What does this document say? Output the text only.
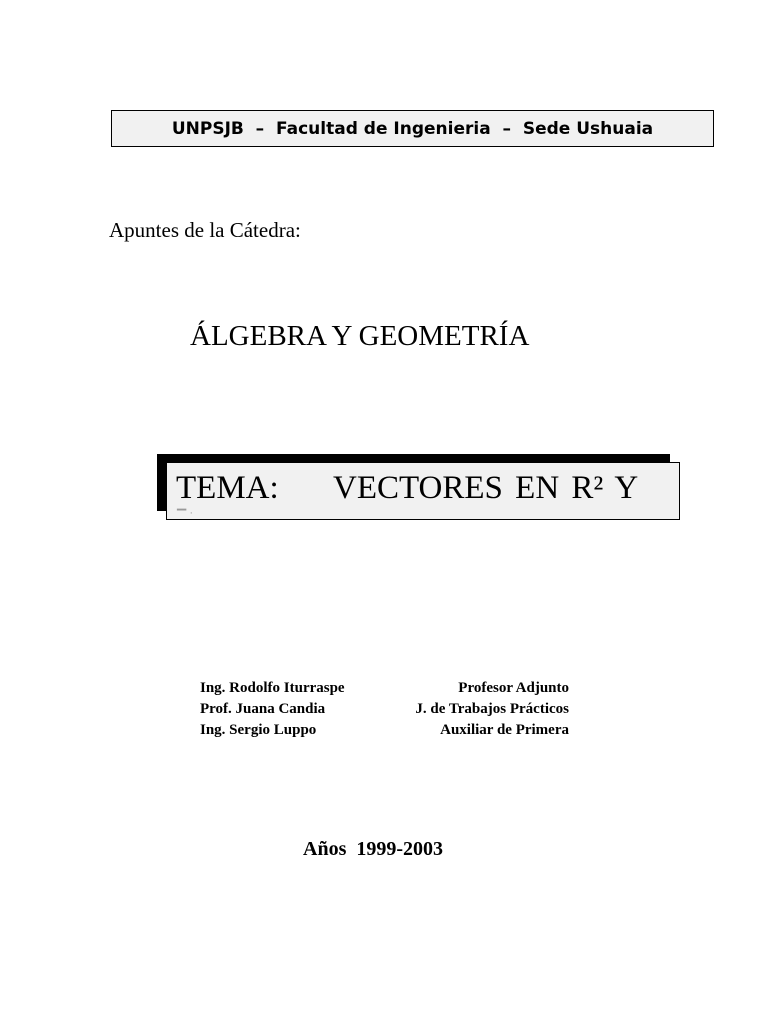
UNPSJB  –  Facultad de Ingenieria  –  Sede Ushuaia
Apuntes de la Cátedra:
ÁLGEBRA Y GEOMETRÍA
TEMA: VECTORES EN R² Y
▔ ˙
Ing. Rodolfo Iturraspe	Profesor Adjunto
Prof. Juana Candia	J. de Trabajos Prácticos
Ing. Sergio Luppo	Auxiliar de Primera
Años  1999-2003
